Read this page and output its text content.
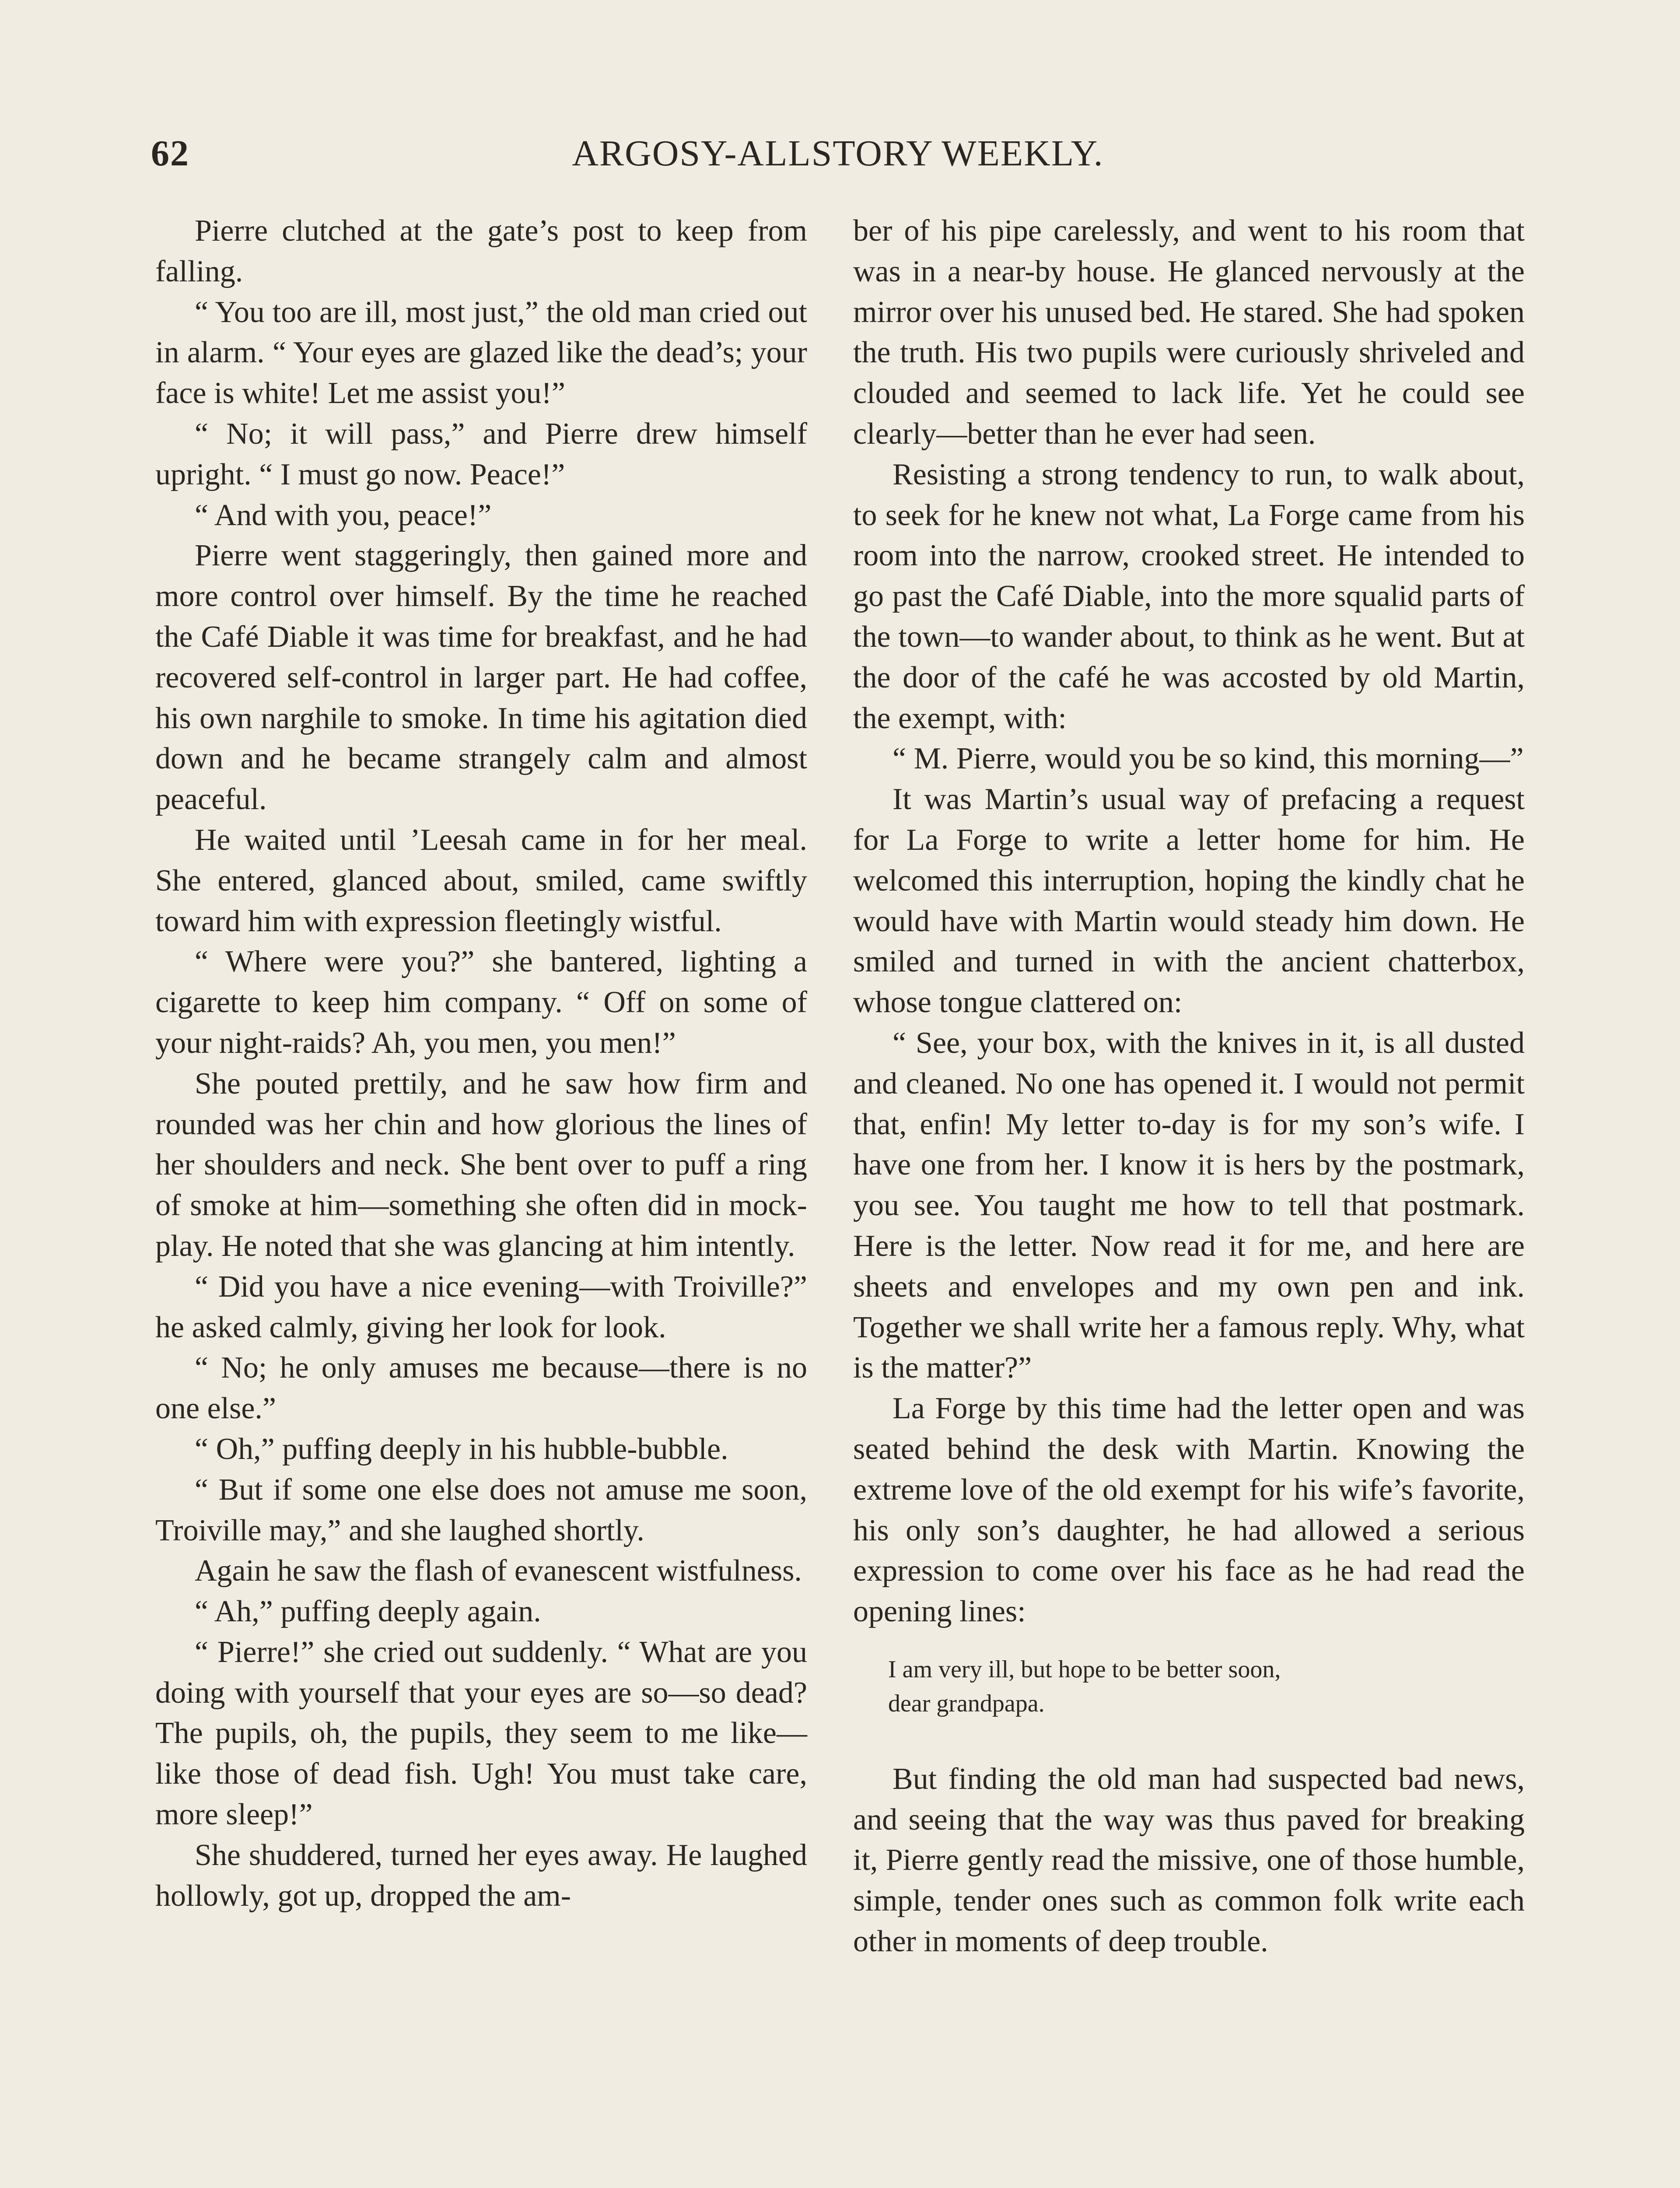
62	ARGOSY-ALLSTORY WEEKLY.

Pierre clutched at the gate’s post to keep from falling.

“ You too are ill, most just,” the old man cried out in alarm. “ Your eyes are glazed like the dead’s; your face is white! Let me assist you!”

“ No; it will pass,” and Pierre drew himself upright. “ I must go now. Peace!”

“ And with you, peace!”

Pierre went staggeringly, then gained more and more control over himself. By the time he reached the Café Diable it was time for breakfast, and he had recovered self-control in larger part. He had coffee, his own narghile to smoke. In time his agitation died down and he became strangely calm and almost peaceful.

He waited until ’Leesah came in for her meal. She entered, glanced about, smiled, came swiftly toward him with expression fleetingly wistful.

“ Where were you?” she bantered, lighting a cigarette to keep him company. “ Off on some of your night-raids? Ah, you men, you men!”

She pouted prettily, and he saw how firm and rounded was her chin and how glorious the lines of her shoulders and neck. She bent over to puff a ring of smoke at him—something she often did in mock-play. He noted that she was glancing at him intently.

“ Did you have a nice evening—with Troiville?” he asked calmly, giving her look for look.

“ No; he only amuses me because—there is no one else.”

“ Oh,” puffing deeply in his hubble-bubble.

“ But if some one else does not amuse me soon, Troiville may,” and she laughed shortly.

Again he saw the flash of evanescent wistfulness.

“ Ah,” puffing deeply again.

“ Pierre!” she cried out suddenly. “ What are you doing with yourself that your eyes are so—so dead? The pupils, oh, the pupils, they seem to me like—like those of dead fish. Ugh! You must take care, more sleep!”

She shuddered, turned her eyes away. He laughed hollowly, got up, dropped the am-

ber of his pipe carelessly, and went to his room that was in a near-by house. He glanced nervously at the mirror over his unused bed. He stared. She had spoken the truth. His two pupils were curiously shriveled and clouded and seemed to lack life. Yet he could see clearly—better than he ever had seen.

Resisting a strong tendency to run, to walk about, to seek for he knew not what, La Forge came from his room into the narrow, crooked street. He intended to go past the Café Diable, into the more squalid parts of the town—to wander about, to think as he went. But at the door of the café he was accosted by old Martin, the exempt, with:

“ M. Pierre, would you be so kind, this morning—”

It was Martin’s usual way of prefacing a request for La Forge to write a letter home for him. He welcomed this interruption, hoping the kindly chat he would have with Martin would steady him down. He smiled and turned in with the ancient chatterbox, whose tongue clattered on:

“ See, your box, with the knives in it, is all dusted and cleaned. No one has opened it. I would not permit that, enfin! My letter to-day is for my son’s wife. I have one from her. I know it is hers by the postmark, you see. You taught me how to tell that postmark. Here is the letter. Now read it for me, and here are sheets and envelopes and my own pen and ink. Together we shall write her a famous reply. Why, what is the matter?”

La Forge by this time had the letter open and was seated behind the desk with Martin. Knowing the extreme love of the old exempt for his wife’s favorite, his only son’s daughter, he had allowed a serious expression to come over his face as he had read the opening lines:

I am very ill, but hope to be better soon,

dear grandpapa.

But finding the old man had suspected bad news, and seeing that the way was thus paved for breaking it, Pierre gently read the missive, one of those humble, simple, tender ones such as common folk write each other in moments of deep trouble.
